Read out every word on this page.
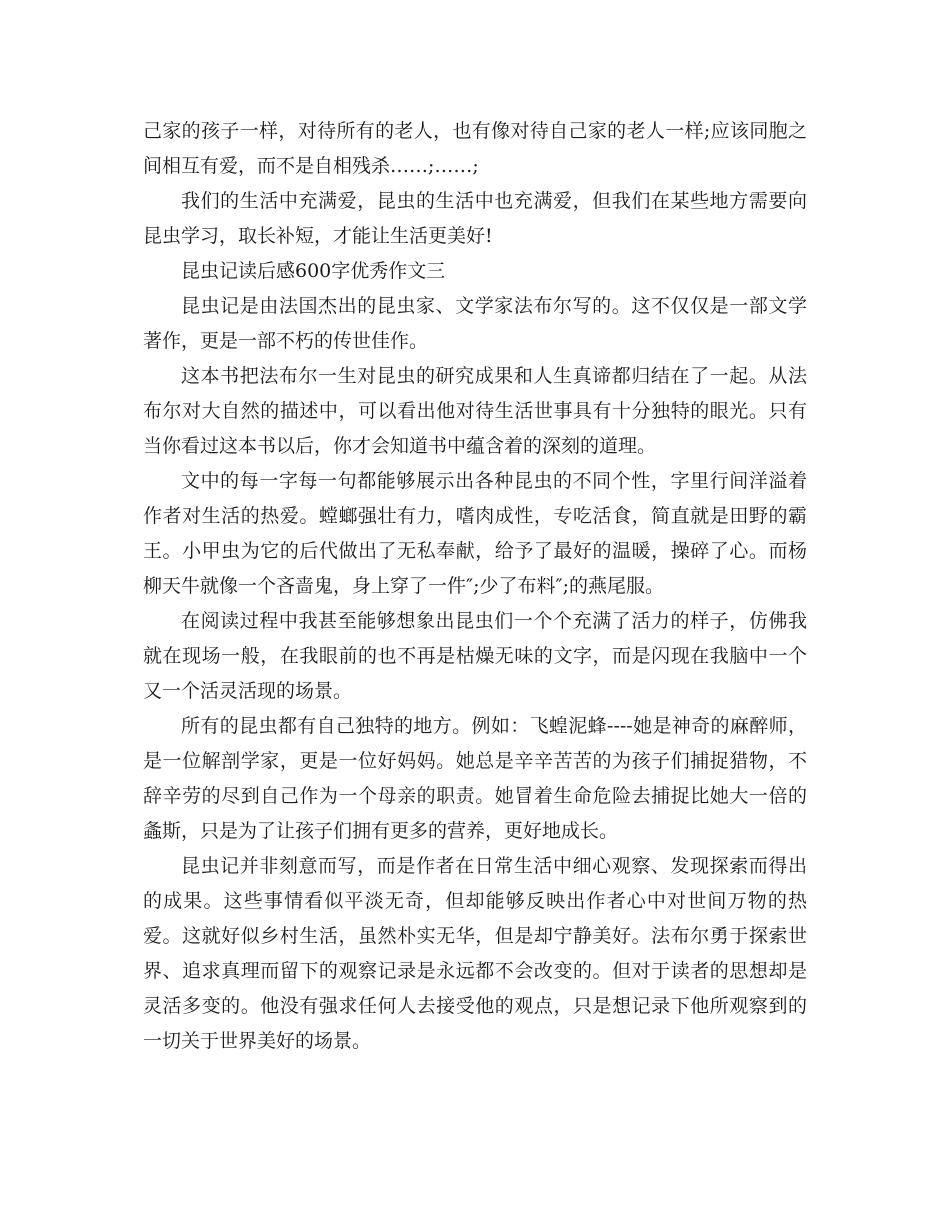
己家的孩子一样，对待所有的老人，也有像对待自己家的老人一样;应该同胞之间相互有爱，而不是自相残杀……;……;

我们的生活中充满爱，昆虫的生活中也充满爱，但我们在某些地方需要向昆虫学习，取长补短，才能让生活更美好!

昆虫记读后感600字优秀作文三

昆虫记是由法国杰出的昆虫家、文学家法布尔写的。这不仅仅是一部文学著作，更是一部不朽的传世佳作。

这本书把法布尔一生对昆虫的研究成果和人生真谛都归结在了一起。从法布尔对大自然的描述中，可以看出他对待生活世事具有十分独特的眼光。只有当你看过这本书以后，你才会知道书中蕴含着的深刻的道理。

文中的每一字每一句都能够展示出各种昆虫的不同个性，字里行间洋溢着作者对生活的热爱。螳螂强壮有力，嗜肉成性，专吃活食，简直就是田野的霸王。小甲虫为它的后代做出了无私奉献，给予了最好的温暖，操碎了心。而杨柳天牛就像一个吝啬鬼，身上穿了一件″;少了布料″;的燕尾服。

在阅读过程中我甚至能够想象出昆虫们一个个充满了活力的样子，仿佛我就在现场一般，在我眼前的也不再是枯燥无味的文字，而是闪现在我脑中一个又一个活灵活现的场景。

所有的昆虫都有自己独特的地方。例如：飞蝗泥蜂----她是神奇的麻醉师，是一位解剖学家，更是一位好妈妈。她总是辛辛苦苦的为孩子们捕捉猎物，不辞辛劳的尽到自己作为一个母亲的职责。她冒着生命危险去捕捉比她大一倍的螽斯，只是为了让孩子们拥有更多的营养，更好地成长。

昆虫记并非刻意而写，而是作者在日常生活中细心观察、发现探索而得出的成果。这些事情看似平淡无奇，但却能够反映出作者心中对世间万物的热爱。这就好似乡村生活，虽然朴实无华，但是却宁静美好。法布尔勇于探索世界、追求真理而留下的观察记录是永远都不会改变的。但对于读者的思想却是灵活多变的。他没有强求任何人去接受他的观点，只是想记录下他所观察到的一切关于世界美好的场景。
